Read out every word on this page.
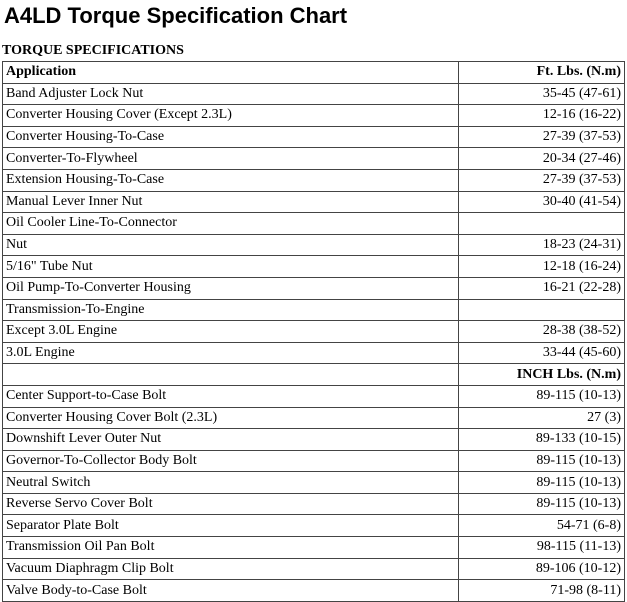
A4LD Torque Specification Chart
TORQUE SPECIFICATIONS
Application	Ft. Lbs. (N.m)
Band Adjuster Lock Nut	35-45 (47-61)
Converter Housing Cover (Except 2.3L)	12-16 (16-22)
Converter Housing-To-Case	27-39 (37-53)
Converter-To-Flywheel	20-34 (27-46)
Extension Housing-To-Case	27-39 (37-53)
Manual Lever Inner Nut	30-40 (41-54)
Oil Cooler Line-To-Connector	
Nut	18-23 (24-31)
5/16" Tube Nut	12-18 (16-24)
Oil Pump-To-Converter Housing	16-21 (22-28)
Transmission-To-Engine	
Except 3.0L Engine	28-38 (38-52)
3.0L Engine	33-44 (45-60)
	INCH Lbs. (N.m)
Center Support-to-Case Bolt	89-115 (10-13)
Converter Housing Cover Bolt (2.3L)	27 (3)
Downshift Lever Outer Nut	89-133 (10-15)
Governor-To-Collector Body Bolt	89-115 (10-13)
Neutral Switch	89-115 (10-13)
Reverse Servo Cover Bolt	89-115 (10-13)
Separator Plate Bolt	54-71 (6-8)
Transmission Oil Pan Bolt	98-115 (11-13)
Vacuum Diaphragm Clip Bolt	89-106 (10-12)
Valve Body-to-Case Bolt	71-98 (8-11)
